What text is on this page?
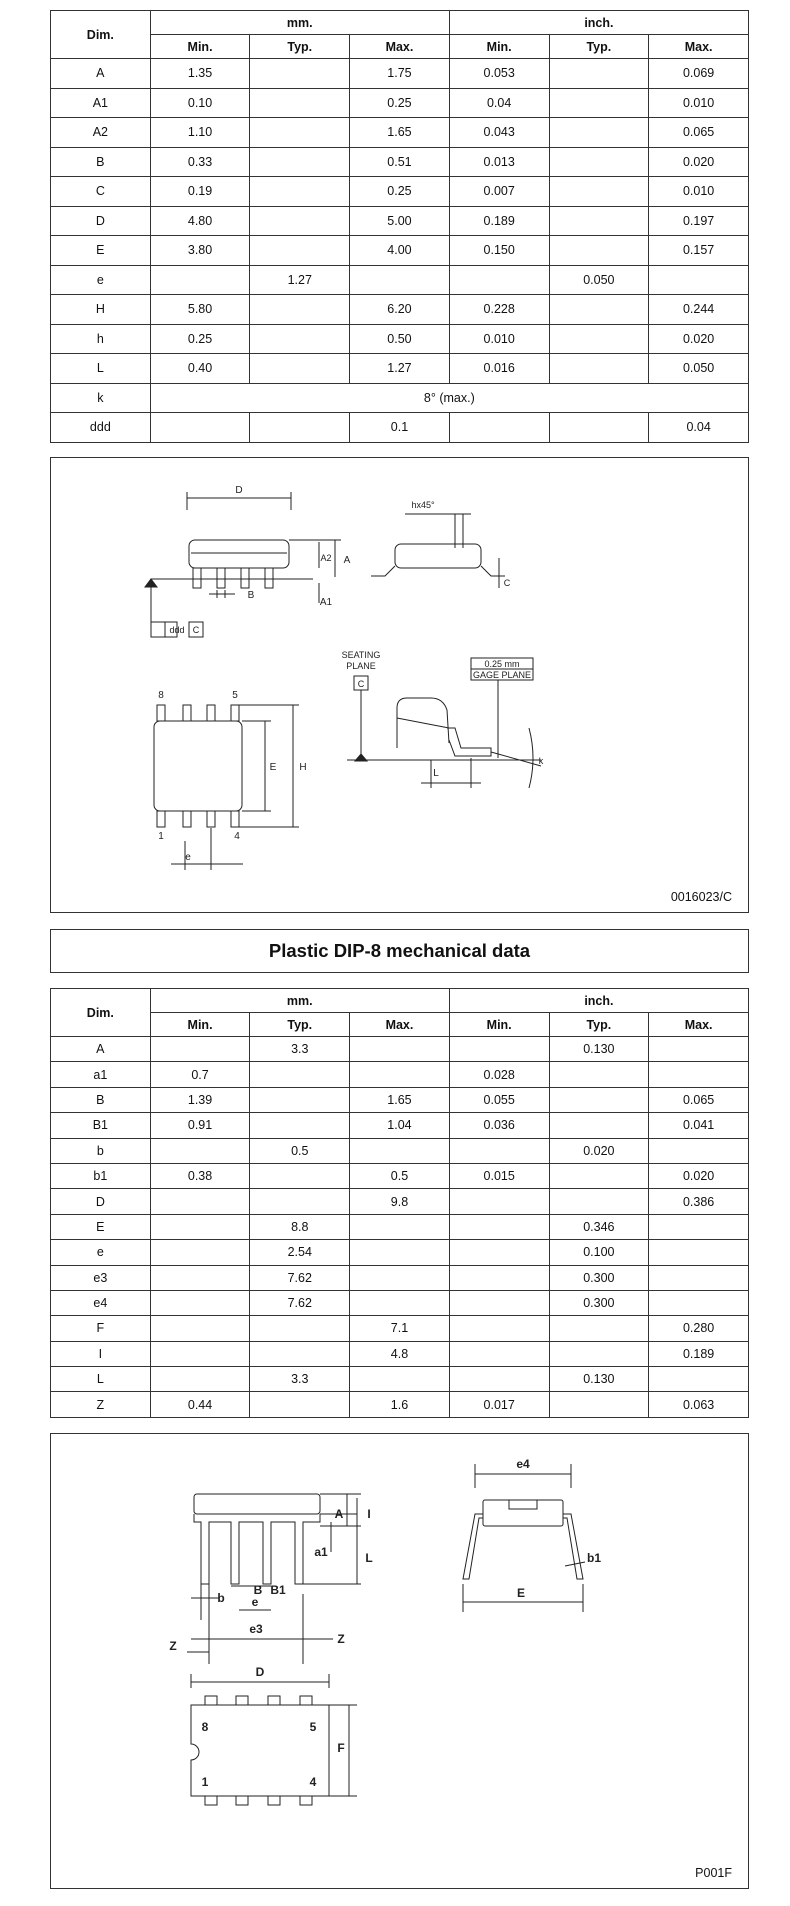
Dim.	mm.			inch.		
	Min.	Typ.	Max.	Min.	Typ.	Max.
A	1.35		1.75	0.053		0.069
A1	0.10		0.25	0.04		0.010
A2	1.10		1.65	0.043		0.065
B	0.33		0.51	0.013		0.020
C	0.19		0.25	0.007		0.010
D	4.80		5.00	0.189		0.197
E	3.80		4.00	0.150		0.157
e		1.27			0.050	
H	5.80		6.20	0.228		0.244
h	0.25		0.50	0.010		0.020
L	0.40		1.27	0.016		0.050
k	8° (max.)					
ddd			0.1			0.04
D
A2 A
A1
B
ddd C
hx45°
C
8	5
1	4
E H
e
SEATING
PLANE
C
L
0.25 mm
GAGE PLANE
k
0016023/C
Plastic DIP-8 mechanical data
Dim.	mm.			inch.		
	Min.	Typ.	Max.	Min.	Typ.	Max.
A		3.3			0.130	
a1	0.7			0.028		
B	1.39		1.65	0.055		0.065
B1	0.91		1.04	0.036		0.041
b		0.5			0.020	
b1	0.38		0.5	0.015		0.020
D			9.8			0.386
E		8.8			0.346	
e		2.54			0.100	
e3		7.62			0.300	
e4		7.62			0.300	
F			7.1			0.280
I			4.8			0.189
L		3.3			0.130	
Z	0.44		1.6	0.017		0.063
A I
a1	L
b
B B1
e
e3
Z	Z
e4
E
b1
D
8	5
1	4
F
P001F
